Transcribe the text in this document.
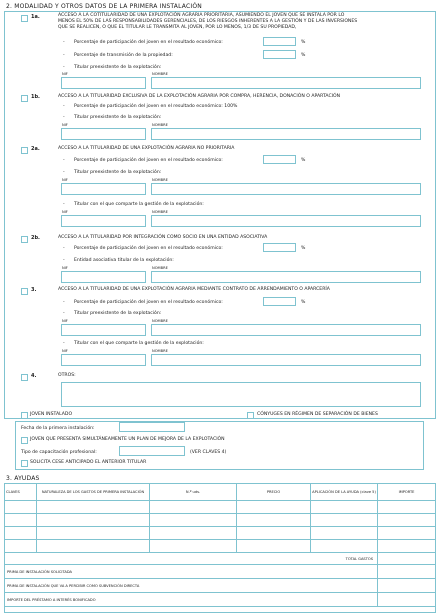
2. MODALIDAD Y OTROS DATOS DE LA PRIMERA INSTALACIÓN
1a.	ACCESO A LA COTITULARIDAD DE UNA EXPLOTACIÓN AGRARIA PRIORITARIA, ASUMIENDO EL JOVEN QUE SE INSTALA POR LO
MENOS EL 50% DE LAS RESPONSABILIDADES GERENCIALES, DE LOS RIESGOS INHERENTES A LA GESTIÓN Y DE LAS INVERSIONES
QUE SE REALICEN, O QUE EL TITULAR LE TRANSMITA AL JOVEN, POR LO MENOS, 1/3 DE SU PROPIEDAD,
- Porcentaje de participación del joven en el resultado económico:	%
- Porcentaje de transmisión de la propiedad:	%
- Titular preexistente de la explotación:
NIF	NOMBRE
1b.	ACCESO A LA TITULARIDAD EXCLUSIVA DE LA EXPLOTACIÓN AGRARIA POR COMPRA, HERENCIA, DONACIÓN O APARTACIÓN
- Porcentaje de participación del joven en el resultado económico: 100%
- Titular preexistente de la explotación:
NIF	NOMBRE
2a.	ACCESO A LA TITULARIDAD DE UNA EXPLOTACIÓN AGRARIA NO PRIORITARIA
- Porcentaje de participación del joven en el resultado económico:	%
- Titular preexistente de la explotación:
NIF	NOMBRE
- Titular con el que comparte la gestión de la explotación:
NIF	NOMBRE
2b.	ACCESO A LA TITULARIDAD POR INTEGRACIÓN COMO SOCIO EN UNA ENTIDAD ASOCIATIVA
- Porcentaje de participación del joven en el resultado económico:	%
- Entidad asociativa titular de la explotación:
NIF	NOMBRE
3.	ACCESO A LA TITULARIDAD DE UNA EXPLOTACIÓN AGRARIA MEDIANTE CONTRATO DE ARRENDAMIENTO O APARCERÍA
- Porcentaje de participación del joven en el resultado económico:	%
- Titular preexistente de la explotación:
NIF	NOMBRE
- Titular con el que comparte la gestión de la explotación:
NIF	NOMBRE
4.	OTROS:
JOVEN INSTALADO	CÓNYUGES EN RÉGIMEN DE SEPARACIÓN DE BIENES
Fecha de la primera instalación:
JOVEN QUE PRESENTA SIMULTÁNEAMENTE UN PLAN DE MEJORA DE LA EXPLOTACIÓN
Tipo de capacitación profesional:	(VER CLAVES 4)
SOLICITA CESE ANTICIPADO EL ANTERIOR TITULAR
3. AYUDAS
CLAVES	NATURALEZA DE LOS GASTOS DE PRIMERA INSTALACIÓN	N.º uds.	PRECIO	APLICACIÓN DE LA AYUDA (clave 5)	IMPORTE

TOTAL GASTOS					
PRIMA DE INSTALACIÓN SOLICITADA					
PRIMA DE INSTALACIÓN QUE VA A PERCIBIR COMO SUBVENCIÓN DIRECTA					
IMPORTE DEL PRÉSTAMO A INTERÉS BONIFICADO					
